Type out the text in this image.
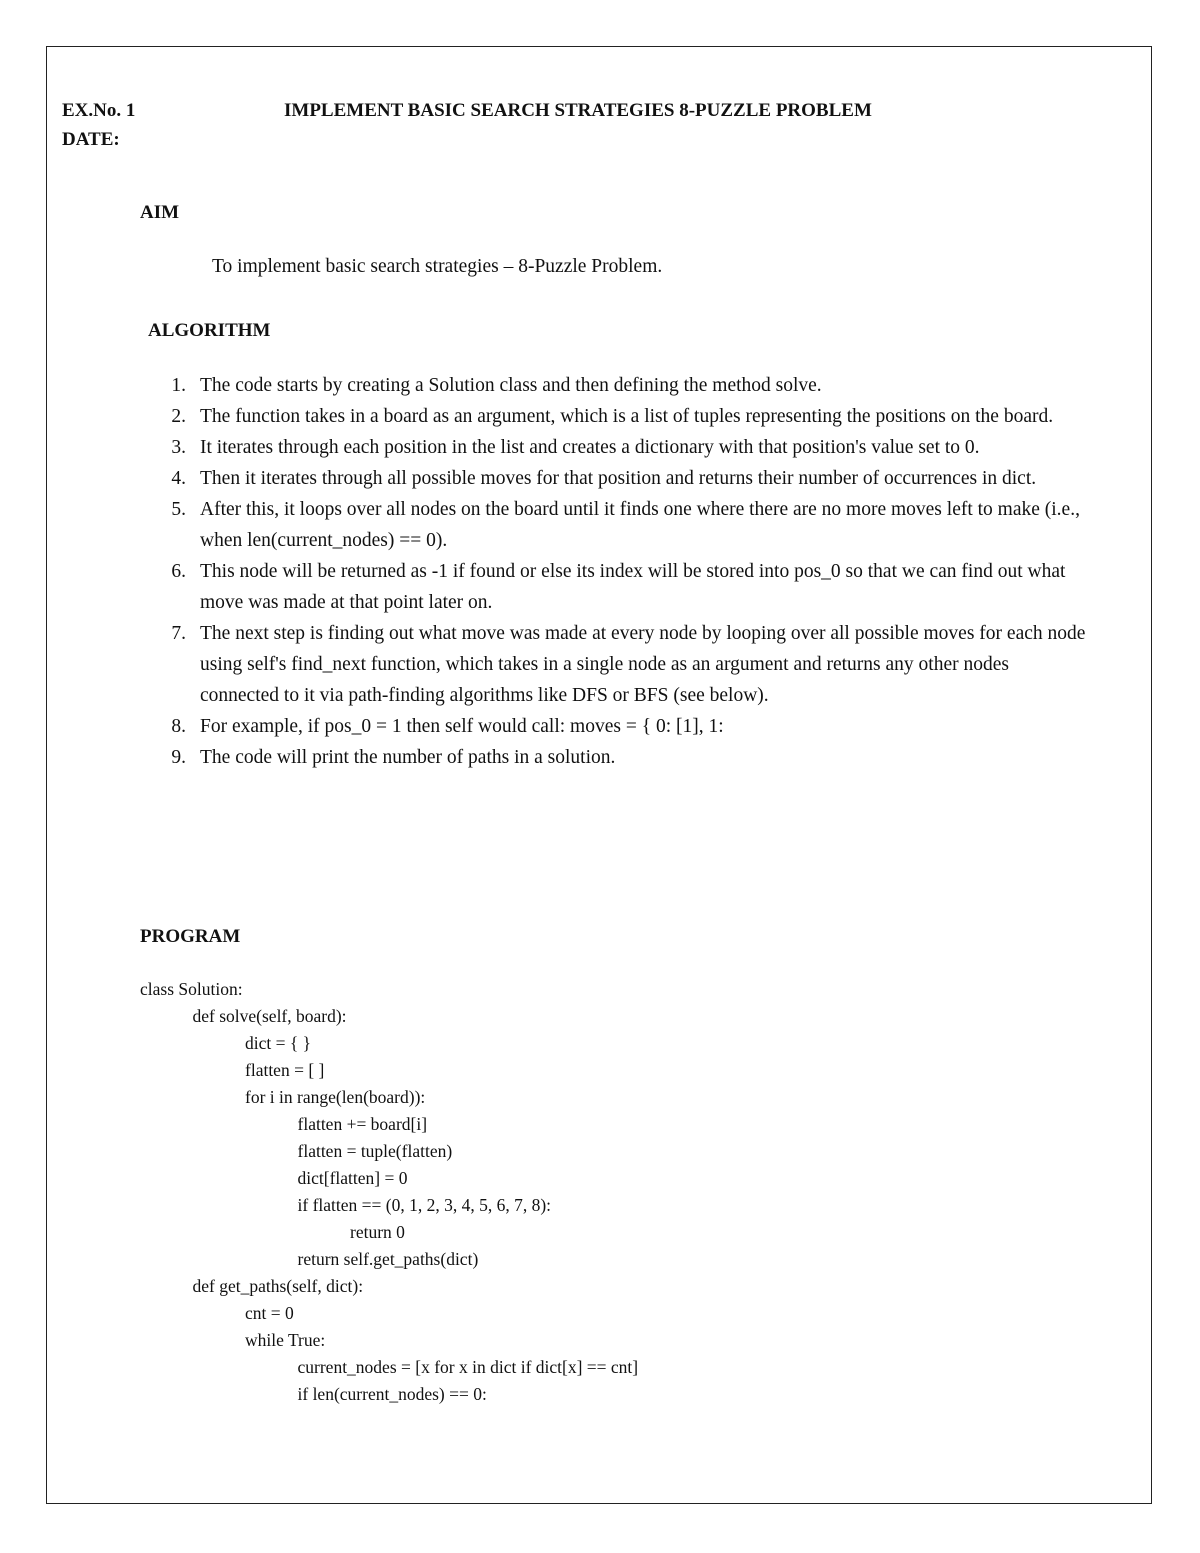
EX.No. 1
DATE:
IMPLEMENT BASIC SEARCH STRATEGIES 8-PUZZLE PROBLEM
AIM
To implement basic search strategies – 8-Puzzle Problem.
ALGORITHM
1. The code starts by creating a Solution class and then defining the method solve.
2. The function takes in a board as an argument, which is a list of tuples representing the positions on the board.
3. It iterates through each position in the list and creates a dictionary with that position's value set to 0.
4. Then it iterates through all possible moves for that position and returns their number of occurrences in dict.
5. After this, it loops over all nodes on the board until it finds one where there are no more moves left to make (i.e., when len(current_nodes) == 0).
6. This node will be returned as -1 if found or else its index will be stored into pos_0 so that we can find out what move was made at that point later on.
7. The next step is finding out what move was made at every node by looping over all possible moves for each node using self's find_next function, which takes in a single node as an argument and returns any other nodes connected to it via path-finding algorithms like DFS or BFS (see below).
8. For example, if pos_0 = 1 then self would call: moves = { 0: [1], 1:
9. The code will print the number of paths in a solution.
PROGRAM
class Solution:
def solve(self, board):
dict = { }
flatten = [ ]
for i in range(len(board)):
flatten += board[i]
flatten = tuple(flatten)
dict[flatten] = 0
if flatten == (0, 1, 2, 3, 4, 5, 6, 7, 8):
return 0
return self.get_paths(dict)
def get_paths(self, dict):
cnt = 0
while True:
current_nodes = [x for x in dict if dict[x] == cnt]
if len(current_nodes) == 0:
